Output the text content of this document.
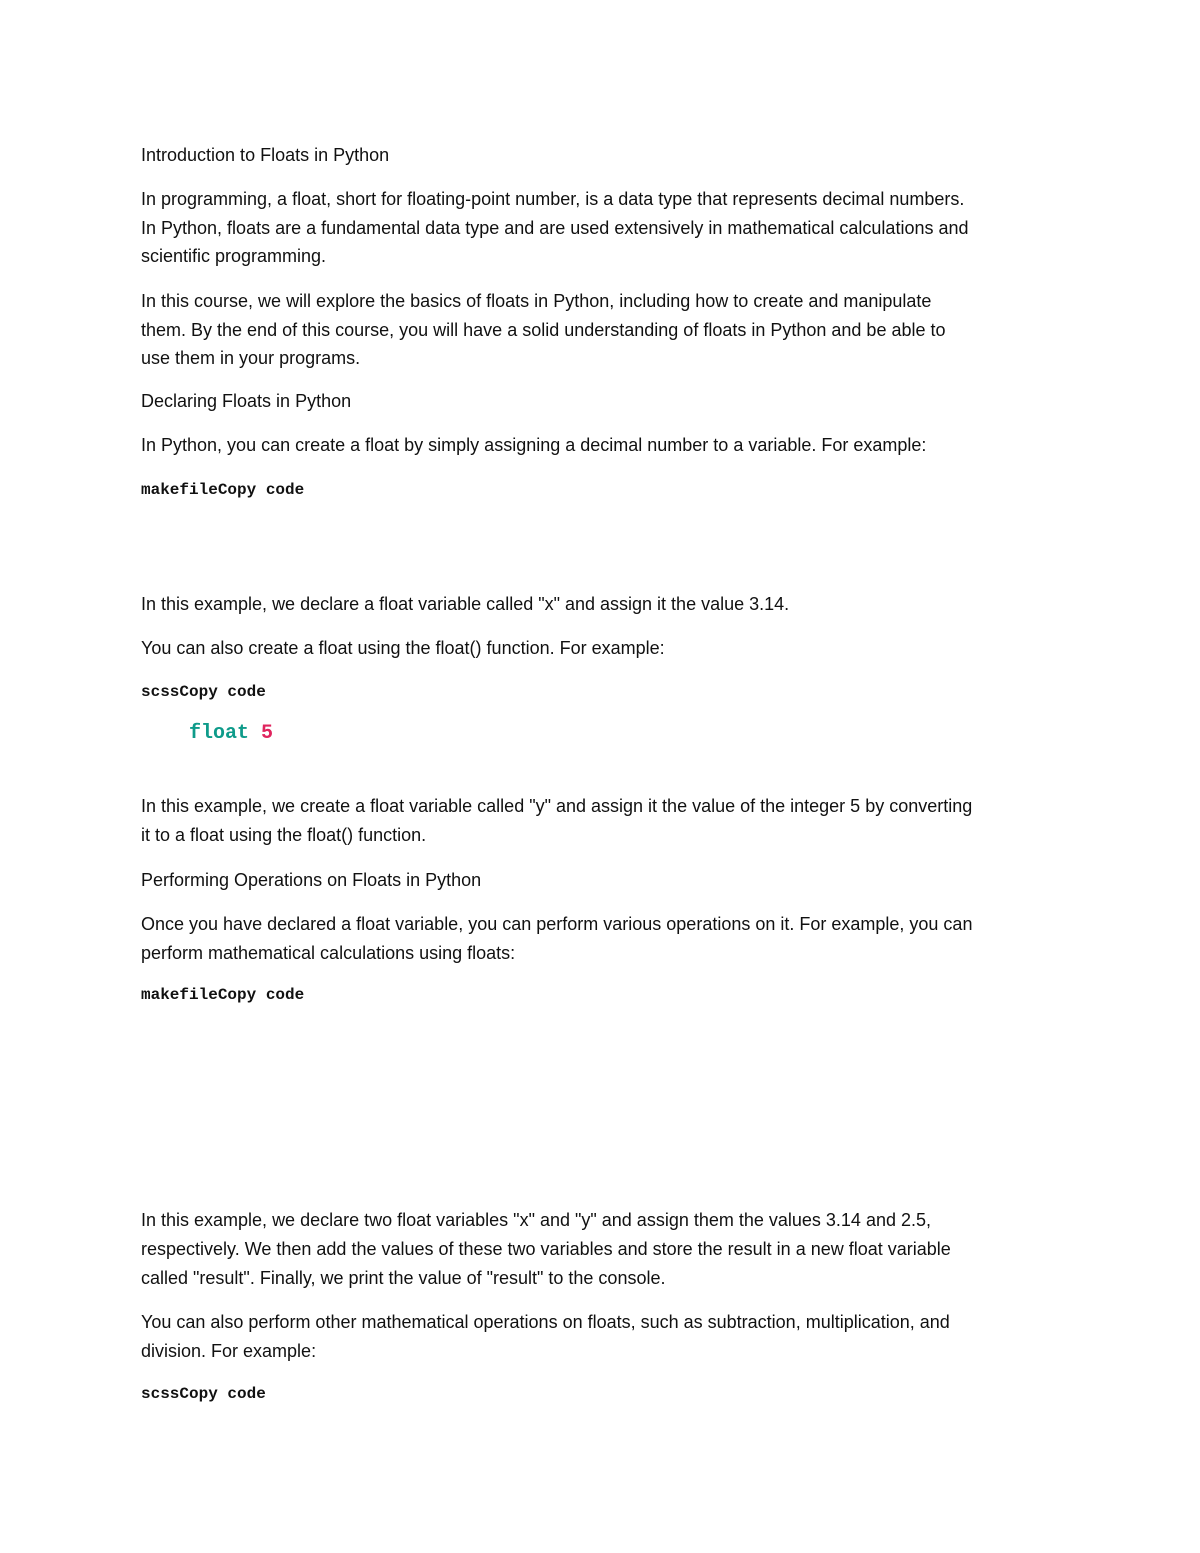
Introduction to Floats in Python

In programming, a float, short for floating-point number, is a data type that represents decimal numbers.

In Python, floats are a fundamental data type and are used extensively in mathematical calculations and

scientific programming.

In this course, we will explore the basics of floats in Python, including how to create and manipulate

them. By the end of this course, you will have a solid understanding of floats in Python and be able to

use them in your programs.

Declaring Floats in Python

In Python, you can create a float by simply assigning a decimal number to a variable. For example:

makefileCopy code

In this example, we declare a float variable called "x" and assign it the value 3.14.

You can also create a float using the float() function. For example:

scssCopy code

float 5

In this example, we create a float variable called "y" and assign it the value of the integer 5 by converting

it to a float using the float() function.

Performing Operations on Floats in Python

Once you have declared a float variable, you can perform various operations on it. For example, you can

perform mathematical calculations using floats:

makefileCopy code

In this example, we declare two float variables "x" and "y" and assign them the values 3.14 and 2.5,

respectively. We then add the values of these two variables and store the result in a new float variable

called "result". Finally, we print the value of "result" to the console.

You can also perform other mathematical operations on floats, such as subtraction, multiplication, and

division. For example:

scssCopy code
